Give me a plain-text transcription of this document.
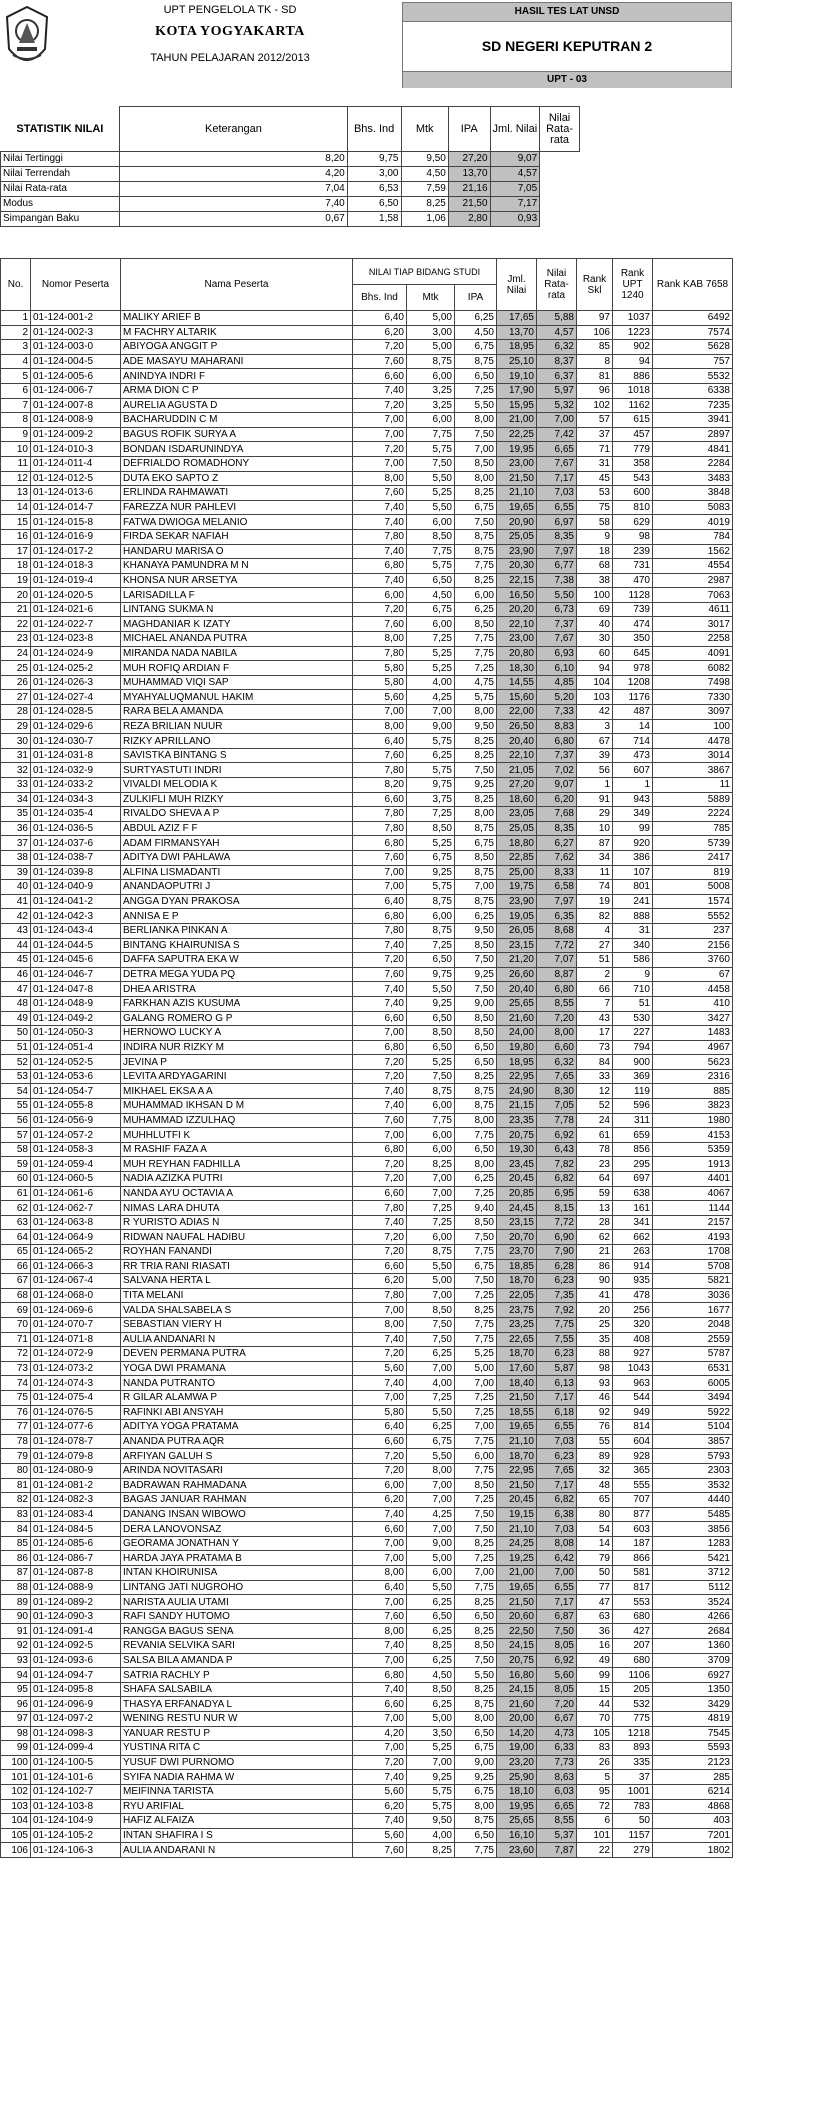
UPT PENGELOLA TK - SD
KOTA YOGYAKARTA
TAHUN PELAJARAN 2012/2013
HASIL TES LAT UNSD
SD NEGERI KEPUTRAN 2
UPT - 03
STATISTIK NILAI	Keterangan	Bhs. Ind	Mtk	IPA	Jml. Nilai	Nilai Rata-rata	
Nilai Tertinggi	8,20	9,75	9,50	27,20	9,07		
Nilai Terrendah	4,20	3,00	4,50	13,70	4,57		
Nilai Rata-rata	7,04	6,53	7,59	21,16	7,05		
Modus	7,40	6,50	8,25	21,50	7,17		
Simpangan Baku	0,67	1,58	1,06	2,80	0,93		
No.	Nomor Peserta	Nama Peserta	NILAI TIAP BIDANG STUDI			Jml. Nilai	Nilai Rata-rata	Rank Skl	Rank UPT 1240	Rank KAB 7658
			Bhs. Ind	Mtk	IPA					
1	01-124-001-2	MALIKY ARIEF B	6,40	5,00	6,25	17,65	5,88	97	1037	6492
2	01-124-002-3	M FACHRY ALTARIK	6,20	3,00	4,50	13,70	4,57	106	1223	7574
3	01-124-003-0	ABIYOGA ANGGIT P	7,20	5,00	6,75	18,95	6,32	85	902	5628
4	01-124-004-5	ADE MASAYU MAHARANI	7,60	8,75	8,75	25,10	8,37	8	94	757
5	01-124-005-6	ANINDYA INDRI F	6,60	6,00	6,50	19,10	6,37	81	886	5532
6	01-124-006-7	ARMA DION C P	7,40	3,25	7,25	17,90	5,97	96	1018	6338
7	01-124-007-8	AURELIA AGUSTA D	7,20	3,25	5,50	15,95	5,32	102	1162	7235
8	01-124-008-9	BACHARUDDIN C M	7,00	6,00	8,00	21,00	7,00	57	615	3941
9	01-124-009-2	BAGUS ROFIK SURYA A	7,00	7,75	7,50	22,25	7,42	37	457	2897
10	01-124-010-3	BONDAN ISDARUNINDYA	7,20	5,75	7,00	19,95	6,65	71	779	4841
11	01-124-011-4	DEFRIALDO ROMADHONY	7,00	7,50	8,50	23,00	7,67	31	358	2284
12	01-124-012-5	DUTA EKO SAPTO Z	8,00	5,50	8,00	21,50	7,17	45	543	3483
13	01-124-013-6	ERLINDA RAHMAWATI	7,60	5,25	8,25	21,10	7,03	53	600	3848
14	01-124-014-7	FAREZZA NUR PAHLEVI	7,40	5,50	6,75	19,65	6,55	75	810	5083
15	01-124-015-8	FATWA DWIOGA MELANIO	7,40	6,00	7,50	20,90	6,97	58	629	4019
16	01-124-016-9	FIRDA SEKAR NAFIAH	7,80	8,50	8,75	25,05	8,35	9	98	784
17	01-124-017-2	HANDARU MARISA O	7,40	7,75	8,75	23,90	7,97	18	239	1562
18	01-124-018-3	KHANAYA PAMUNDRA M N	6,80	5,75	7,75	20,30	6,77	68	731	4554
19	01-124-019-4	KHONSA NUR ARSETYA	7,40	6,50	8,25	22,15	7,38	38	470	2987
20	01-124-020-5	LARISADILLA F	6,00	4,50	6,00	16,50	5,50	100	1128	7063
21	01-124-021-6	LINTANG SUKMA N	7,20	6,75	6,25	20,20	6,73	69	739	4611
22	01-124-022-7	MAGHDANIAR K IZATY	7,60	6,00	8,50	22,10	7,37	40	474	3017
23	01-124-023-8	MICHAEL ANANDA PUTRA	8,00	7,25	7,75	23,00	7,67	30	350	2258
24	01-124-024-9	MIRANDA NADA NABILA	7,80	5,25	7,75	20,80	6,93	60	645	4091
25	01-124-025-2	MUH ROFIQ ARDIAN F	5,80	5,25	7,25	18,30	6,10	94	978	6082
26	01-124-026-3	MUHAMMAD VIQI SAP	5,80	4,00	4,75	14,55	4,85	104	1208	7498
27	01-124-027-4	MYAHYALUQMANUL HAKIM	5,60	4,25	5,75	15,60	5,20	103	1176	7330
28	01-124-028-5	RARA BELA AMANDA	7,00	7,00	8,00	22,00	7,33	42	487	3097
29	01-124-029-6	REZA BRILIAN NUUR	8,00	9,00	9,50	26,50	8,83	3	14	100
30	01-124-030-7	RIZKY APRILLANO	6,40	5,75	8,25	20,40	6,80	67	714	4478
31	01-124-031-8	SAVISTKA BINTANG S	7,60	6,25	8,25	22,10	7,37	39	473	3014
32	01-124-032-9	SURTYASTUTI INDRI	7,80	5,75	7,50	21,05	7,02	56	607	3867
33	01-124-033-2	VIVALDI MELODIA K	8,20	9,75	9,25	27,20	9,07	1	1	11
34	01-124-034-3	ZULKIFLI MUH RIZKY	6,60	3,75	8,25	18,60	6,20	91	943	5889
35	01-124-035-4	RIVALDO SHEVA A P	7,80	7,25	8,00	23,05	7,68	29	349	2224
36	01-124-036-5	ABDUL AZIZ F F	7,80	8,50	8,75	25,05	8,35	10	99	785
37	01-124-037-6	ADAM FIRMANSYAH	6,80	5,25	6,75	18,80	6,27	87	920	5739
38	01-124-038-7	ADITYA DWI PAHLAWA	7,60	6,75	8,50	22,85	7,62	34	386	2417
39	01-124-039-8	ALFINA LISMADANTI	7,00	9,25	8,75	25,00	8,33	11	107	819
40	01-124-040-9	ANANDAOPUTRI J	7,00	5,75	7,00	19,75	6,58	74	801	5008
41	01-124-041-2	ANGGA DYAN PRAKOSA	6,40	8,75	8,75	23,90	7,97	19	241	1574
42	01-124-042-3	ANNISA E P	6,80	6,00	6,25	19,05	6,35	82	888	5552
43	01-124-043-4	BERLIANKA PINKAN A	7,80	8,75	9,50	26,05	8,68	4	31	237
44	01-124-044-5	BINTANG KHAIRUNISA S	7,40	7,25	8,50	23,15	7,72	27	340	2156
45	01-124-045-6	DAFFA SAPUTRA EKA W	7,20	6,50	7,50	21,20	7,07	51	586	3760
46	01-124-046-7	DETRA MEGA YUDA PQ	7,60	9,75	9,25	26,60	8,87	2	9	67
47	01-124-047-8	DHEA ARISTRA	7,40	5,50	7,50	20,40	6,80	66	710	4458
48	01-124-048-9	FARKHAN AZIS KUSUMA	7,40	9,25	9,00	25,65	8,55	7	51	410
49	01-124-049-2	GALANG ROMERO G P	6,60	6,50	8,50	21,60	7,20	43	530	3427
50	01-124-050-3	HERNOWO LUCKY A	7,00	8,50	8,50	24,00	8,00	17	227	1483
51	01-124-051-4	INDIRA NUR RIZKY M	6,80	6,50	6,50	19,80	6,60	73	794	4967
52	01-124-052-5	JEVINA P	7,20	5,25	6,50	18,95	6,32	84	900	5623
53	01-124-053-6	LEVITA ARDYAGARINI	7,20	7,50	8,25	22,95	7,65	33	369	2316
54	01-124-054-7	MIKHAEL EKSA A A	7,40	8,75	8,75	24,90	8,30	12	119	885
55	01-124-055-8	MUHAMMAD IKHSAN D M	7,40	6,00	8,75	21,15	7,05	52	596	3823
56	01-124-056-9	MUHAMMAD IZZULHAQ	7,60	7,75	8,00	23,35	7,78	24	311	1980
57	01-124-057-2	MUHHLUTFI K	7,00	6,00	7,75	20,75	6,92	61	659	4153
58	01-124-058-3	M RASHIF FAZA A	6,80	6,00	6,50	19,30	6,43	78	856	5359
59	01-124-059-4	MUH REYHAN FADHILLA	7,20	8,25	8,00	23,45	7,82	23	295	1913
60	01-124-060-5	NADIA AZIZKA PUTRI	7,20	7,00	6,25	20,45	6,82	64	697	4401
61	01-124-061-6	NANDA AYU OCTAVIA A	6,60	7,00	7,25	20,85	6,95	59	638	4067
62	01-124-062-7	NIMAS LARA DHUTA	7,80	7,25	9,40	24,45	8,15	13	161	1144
63	01-124-063-8	R YURISTO ADIAS N	7,40	7,25	8,50	23,15	7,72	28	341	2157
64	01-124-064-9	RIDWAN NAUFAL HADIBU	7,20	6,00	7,50	20,70	6,90	62	662	4193
65	01-124-065-2	ROYHAN FANANDI	7,20	8,75	7,75	23,70	7,90	21	263	1708
66	01-124-066-3	RR TRIA RANI RIASATI	6,60	5,50	6,75	18,85	6,28	86	914	5708
67	01-124-067-4	SALVANA HERTA L	6,20	5,00	7,50	18,70	6,23	90	935	5821
68	01-124-068-0	TITA MELANI	7,80	7,00	7,25	22,05	7,35	41	478	3036
69	01-124-069-6	VALDA SHALSABELA S	7,00	8,50	8,25	23,75	7,92	20	256	1677
70	01-124-070-7	SEBASTIAN VIERY H	8,00	7,50	7,75	23,25	7,75	25	320	2048
71	01-124-071-8	AULIA ANDANARI N	7,40	7,50	7,75	22,65	7,55	35	408	2559
72	01-124-072-9	DEVEN PERMANA PUTRA	7,20	6,25	5,25	18,70	6,23	88	927	5787
73	01-124-073-2	YOGA DWI PRAMANA	5,60	7,00	5,00	17,60	5,87	98	1043	6531
74	01-124-074-3	NANDA PUTRANTO	7,40	4,00	7,00	18,40	6,13	93	963	6005
75	01-124-075-4	R GILAR ALAMWA P	7,00	7,25	7,25	21,50	7,17	46	544	3494
76	01-124-076-5	RAFINKI ABI ANSYAH	5,80	5,50	7,25	18,55	6,18	92	949	5922
77	01-124-077-6	ADITYA YOGA PRATAMA	6,40	6,25	7,00	19,65	6,55	76	814	5104
78	01-124-078-7	ANANDA PUTRA AQR	6,60	6,75	7,75	21,10	7,03	55	604	3857
79	01-124-079-8	ARFIYAN GALUH S	7,20	5,50	6,00	18,70	6,23	89	928	5793
80	01-124-080-9	ARINDA NOVITASARI	7,20	8,00	7,75	22,95	7,65	32	365	2303
81	01-124-081-2	BADRAWAN RAHMADANA	6,00	7,00	8,50	21,50	7,17	48	555	3532
82	01-124-082-3	BAGAS JANUAR RAHMAN	6,20	7,00	7,25	20,45	6,82	65	707	4440
83	01-124-083-4	DANANG INSAN WIBOWO	7,40	4,25	7,50	19,15	6,38	80	877	5485
84	01-124-084-5	DERA LANOVONSAZ	6,60	7,00	7,50	21,10	7,03	54	603	3856
85	01-124-085-6	GEORAMA JONATHAN Y	7,00	9,00	8,25	24,25	8,08	14	187	1283
86	01-124-086-7	HARDA JAYA PRATAMA B	7,00	5,00	7,25	19,25	6,42	79	866	5421
87	01-124-087-8	INTAN KHOIRUNISA	8,00	6,00	7,00	21,00	7,00	50	581	3712
88	01-124-088-9	LINTANG JATI NUGROHO	6,40	5,50	7,75	19,65	6,55	77	817	5112
89	01-124-089-2	NARISTA AULIA UTAMI	7,00	6,25	8,25	21,50	7,17	47	553	3524
90	01-124-090-3	RAFI SANDY HUTOMO	7,60	6,50	6,50	20,60	6,87	63	680	4266
91	01-124-091-4	RANGGA BAGUS SENA	8,00	6,25	8,25	22,50	7,50	36	427	2684
92	01-124-092-5	REVANIA SELVIKA SARI	7,40	8,25	8,50	24,15	8,05	16	207	1360
93	01-124-093-6	SALSA BILA AMANDA P	7,00	6,25	7,50	20,75	6,92	49	680	3709
94	01-124-094-7	SATRIA RACHLY P	6,80	4,50	5,50	16,80	5,60	99	1106	6927
95	01-124-095-8	SHAFA SALSABILA	7,40	8,50	8,25	24,15	8,05	15	205	1350
96	01-124-096-9	THASYA ERFANADYA L	6,60	6,25	8,75	21,60	7,20	44	532	3429
97	01-124-097-2	WENING RESTU NUR W	7,00	5,00	8,00	20,00	6,67	70	775	4819
98	01-124-098-3	YANUAR RESTU P	4,20	3,50	6,50	14,20	4,73	105	1218	7545
99	01-124-099-4	YUSTINA RITA C	7,00	5,25	6,75	19,00	6,33	83	893	5593
100	01-124-100-5	YUSUF DWI PURNOMO	7,20	7,00	9,00	23,20	7,73	26	335	2123
101	01-124-101-6	SYIFA NADIA RAHMA W	7,40	9,25	9,25	25,90	8,63	5	37	285
102	01-124-102-7	MEIFINNA TARISTA	5,60	5,75	6,75	18,10	6,03	95	1001	6214
103	01-124-103-8	RYU ARIFIAL	6,20	5,75	8,00	19,95	6,65	72	783	4868
104	01-124-104-9	HAFIZ ALFAIZA	7,40	9,50	8,75	25,65	8,55	6	50	403
105	01-124-105-2	INTAN SHAFIRA I S	5,60	4,00	6,50	16,10	5,37	101	1157	7201
106	01-124-106-3	AULIA ANDARANI N	7,60	8,25	7,75	23,60	7,87	22	279	1802
